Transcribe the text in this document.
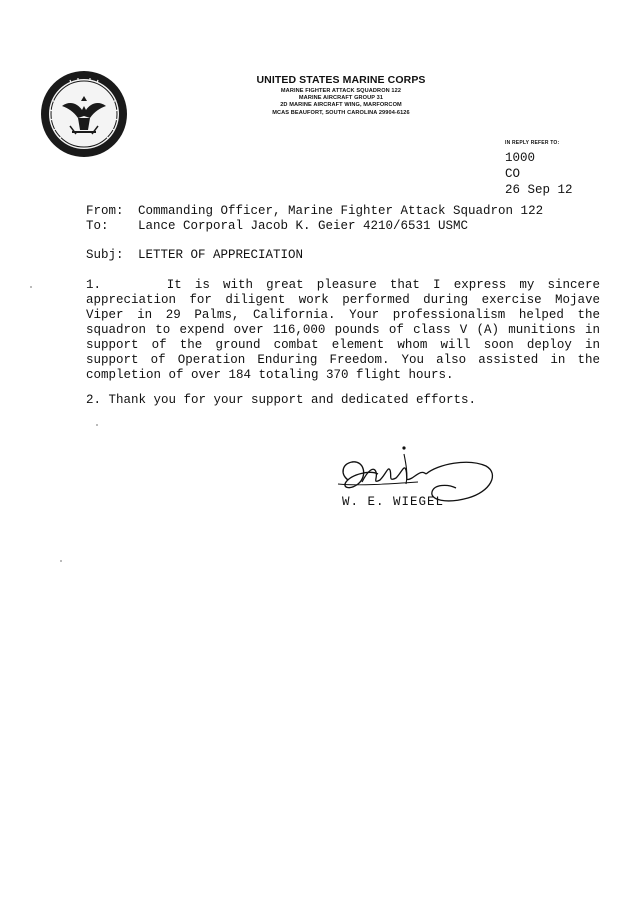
UNITED STATES MARINE CORPS
MARINE FIGHTER ATTACK SQUADRON 122
MARINE AIRCRAFT GROUP 31
2D MARINE AIRCRAFT WING, MARFORCOM
MCAS BEAUFORT, SOUTH CAROLINA 29904-6126
IN REPLY REFER TO:
1000
CO
26 Sep 12
From: Commanding Officer, Marine Fighter Attack Squadron 122
To: Lance Corporal Jacob K. Geier 4210/6531 USMC
Subj: LETTER OF APPRECIATION
1.	It is with great pleasure that I express my sincere
appreciation for diligent work performed during exercise Mojave
Viper in 29 Palms, California. Your professionalism helped the
squadron to expend over 116,000 pounds of class V (A) munitions in
support of the ground combat element whom will soon deploy in
support of Operation Enduring Freedom. You also assisted in the
completion of over 184 totaling 370 flight hours.
2. Thank you for your support and dedicated efforts.
W. E. WIEGEL
